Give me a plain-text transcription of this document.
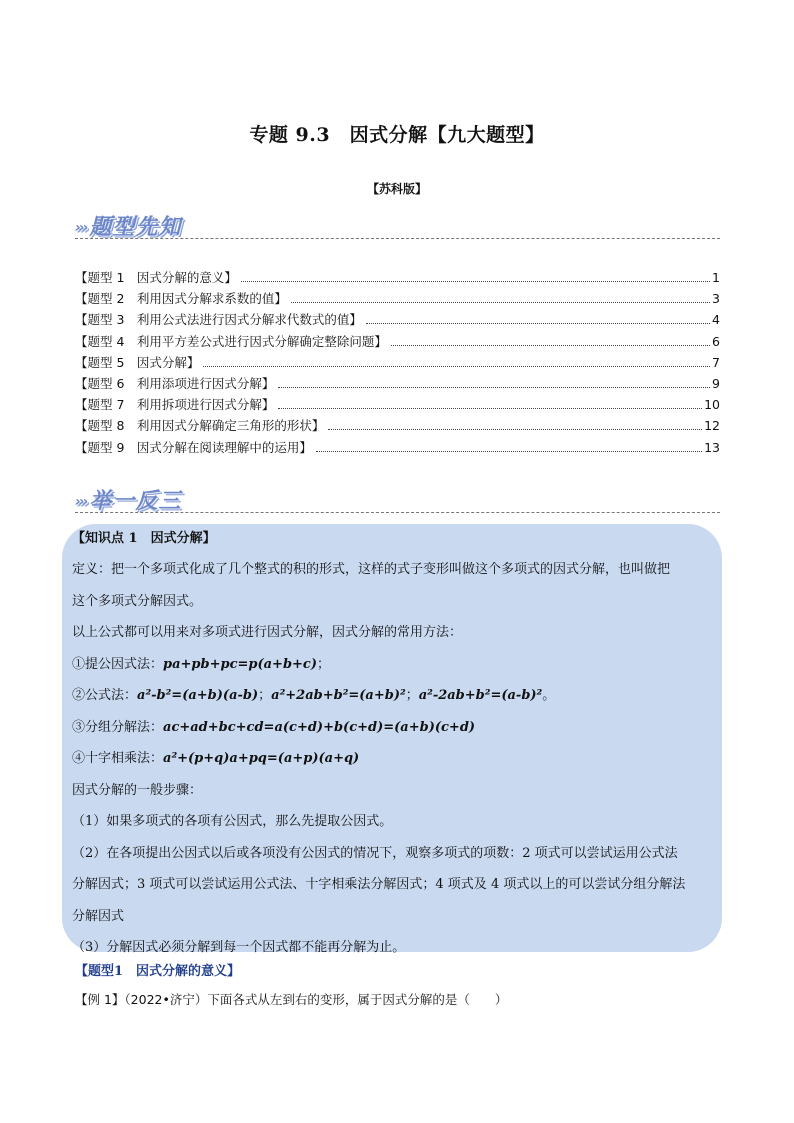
专题 9.3　因式分解【九大题型】
【苏科版】
››› 题型先知
【题型 1　因式分解的意义】	1
【题型 2　利用因式分解求系数的值】	3
【题型 3　利用公式法进行因式分解求代数式的值】	4
【题型 4　利用平方差公式进行因式分解确定整除问题】	6
【题型 5　因式分解】	7
【题型 6　利用添项进行因式分解】	9
【题型 7　利用拆项进行因式分解】	10
【题型 8　利用因式分解确定三角形的形状】	12
【题型 9　因式分解在阅读理解中的运用】	13
››› 举一反三
【知识点 1　因式分解】
定义：把一个多项式化成了几个整式的积的形式，这样的式子变形叫做这个多项式的因式分解，也叫做把
这个多项式分解因式。
以上公式都可以用来对多项式进行因式分解，因式分解的常用方法：
①提公因式法：pa+pb+pc=p(a+b+c)；
②公式法：a²-b²=(a+b)(a-b)；a²+2ab+b²=(a+b)²；a²-2ab+b²=(a-b)²。
③分组分解法：ac+ad+bc+cd=a(c+d)+b(c+d)=(a+b)(c+d)
④十字相乘法：a²+(p+q)a+pq=(a+p)(a+q)
因式分解的一般步骤：
（1）如果多项式的各项有公因式，那么先提取公因式。
（2）在各项提出公因式以后或各项没有公因式的情况下，观察多项式的项数：2 项式可以尝试运用公式法
分解因式；3 项式可以尝试运用公式法、十字相乘法分解因式；4 项式及 4 项式以上的可以尝试分组分解法
分解因式
（3）分解因式必须分解到每一个因式都不能再分解为止。
【题型1　因式分解的意义】
【例 1】（2022•济宁）下面各式从左到右的变形，属于因式分解的是（　　）
